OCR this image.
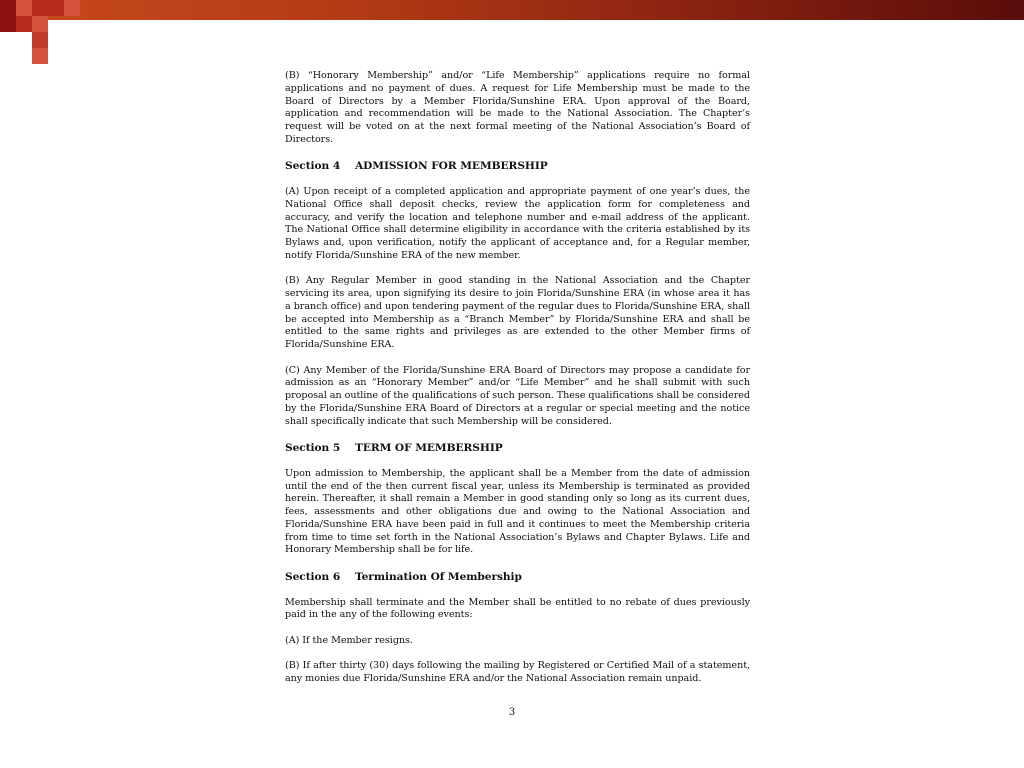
(B) “Honorary Membership” and/or “Life Membership” applications require no formal applications and no payment of dues. A request for Life Membership must be made to the Board of Directors by a Member Florida/Sunshine ERA. Upon approval of the Board, application and recommendation will be made to the National Association. The Chapter’s request will be voted on at the next formal meeting of the National Association’s Board of Directors.

Section 4	ADMISSION FOR MEMBERSHIP

(A) Upon receipt of a completed application and appropriate payment of one year’s dues, the National Office shall deposit checks, review the application form for completeness and accuracy, and verify the location and telephone number and e-mail address of the applicant. The National Office shall determine eligibility in accordance with the criteria established by its Bylaws and, upon verification, notify the applicant of acceptance and, for a Regular member, notify Florida/Sunshine ERA of the new member.

(B) Any Regular Member in good standing in the National Association and the Chapter servicing its area, upon signifying its desire to join Florida/Sunshine ERA (in whose area it has a branch office) and upon tendering payment of the regular dues to Florida/Sunshine ERA, shall be accepted into Membership as a “Branch Member” by Florida/Sunshine ERA and shall be entitled to the same rights and privileges as are extended to the other Member firms of Florida/Sunshine ERA.

(C) Any Member of the Florida/Sunshine ERA Board of Directors may propose a candidate for admission as an “Honorary Member” and/or “Life Member” and he shall submit with such proposal an outline of the qualifications of such person. These qualifications shall be considered by the Florida/Sunshine ERA Board of Directors at a regular or special meeting and the notice shall specifically indicate that such Membership will be considered.

Section 5	TERM OF MEMBERSHIP

Upon admission to Membership, the applicant shall be a Member from the date of admission until the end of the then current fiscal year, unless its Membership is terminated as provided herein. Thereafter, it shall remain a Member in good standing only so long as its current dues, fees, assessments and other obligations due and owing to the National Association and Florida/Sunshine ERA have been paid in full and it continues to meet the Membership criteria from time to time set forth in the National Association’s Bylaws and Chapter Bylaws. Life and Honorary Membership shall be for life.

Section 6	Termination Of Membership

Membership shall terminate and the Member shall be entitled to no rebate of dues previously paid in the any of the following events:

(A) If the Member resigns.

(B) If after thirty (30) days following the mailing by Registered or Certified Mail of a statement, any monies due Florida/Sunshine ERA and/or the National Association remain unpaid.

3
